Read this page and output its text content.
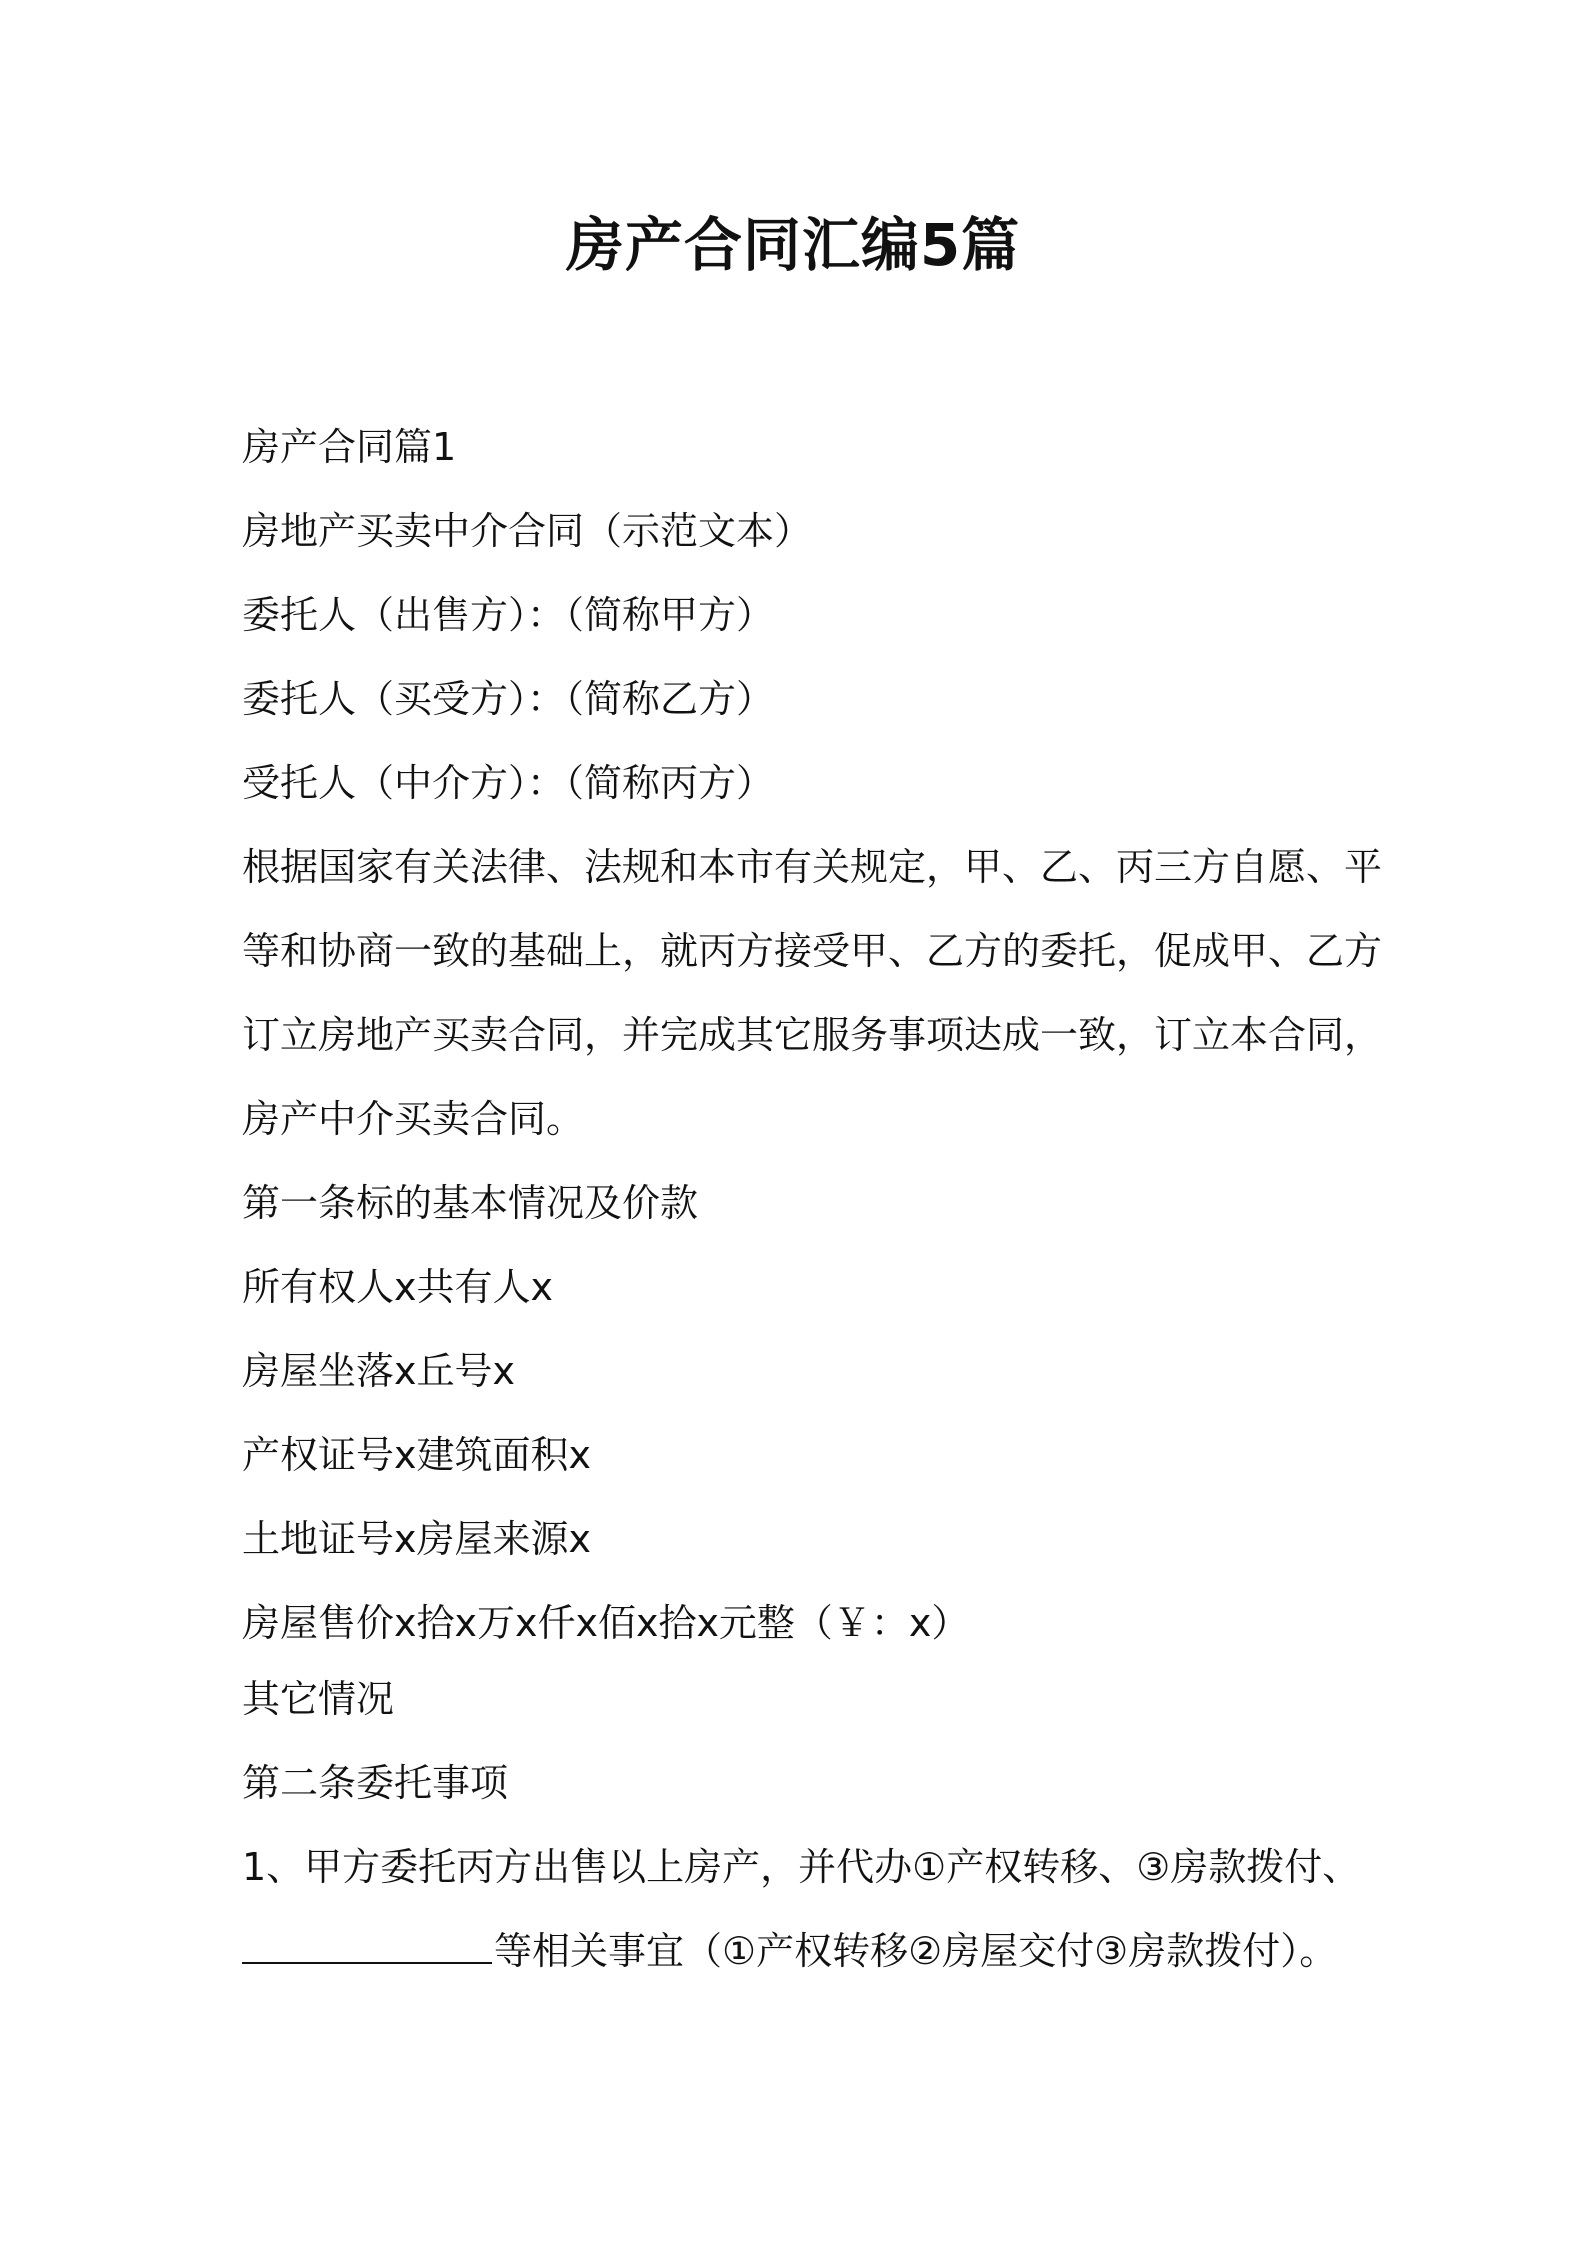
房产合同汇编5篇
房产合同篇1
房地产买卖中介合同（示范文本）
委托人（出售方）：（简称甲方）
委托人（买受方）：（简称乙方）
受托人（中介方）：（简称丙方）
根据国家有关法律、法规和本市有关规定，甲、乙、丙三方自愿、平
等和协商一致的基础上，就丙方接受甲、乙方的委托，促成甲、乙方
订立房地产买卖合同，并完成其它服务事项达成一致，订立本合同，
房产中介买卖合同。
第一条标的基本情况及价款
所有权人x共有人x
房屋坐落x丘号x
产权证号x建筑面积x
土地证号x房屋来源x
房屋售价x拾x万x仟x佰x拾x元整（￥：x）
其它情况
第二条委托事项
1、甲方委托丙方出售以上房产，并代办①产权转移、③房款拨付、
等相关事宜（①产权转移②房屋交付③房款拨付）。
